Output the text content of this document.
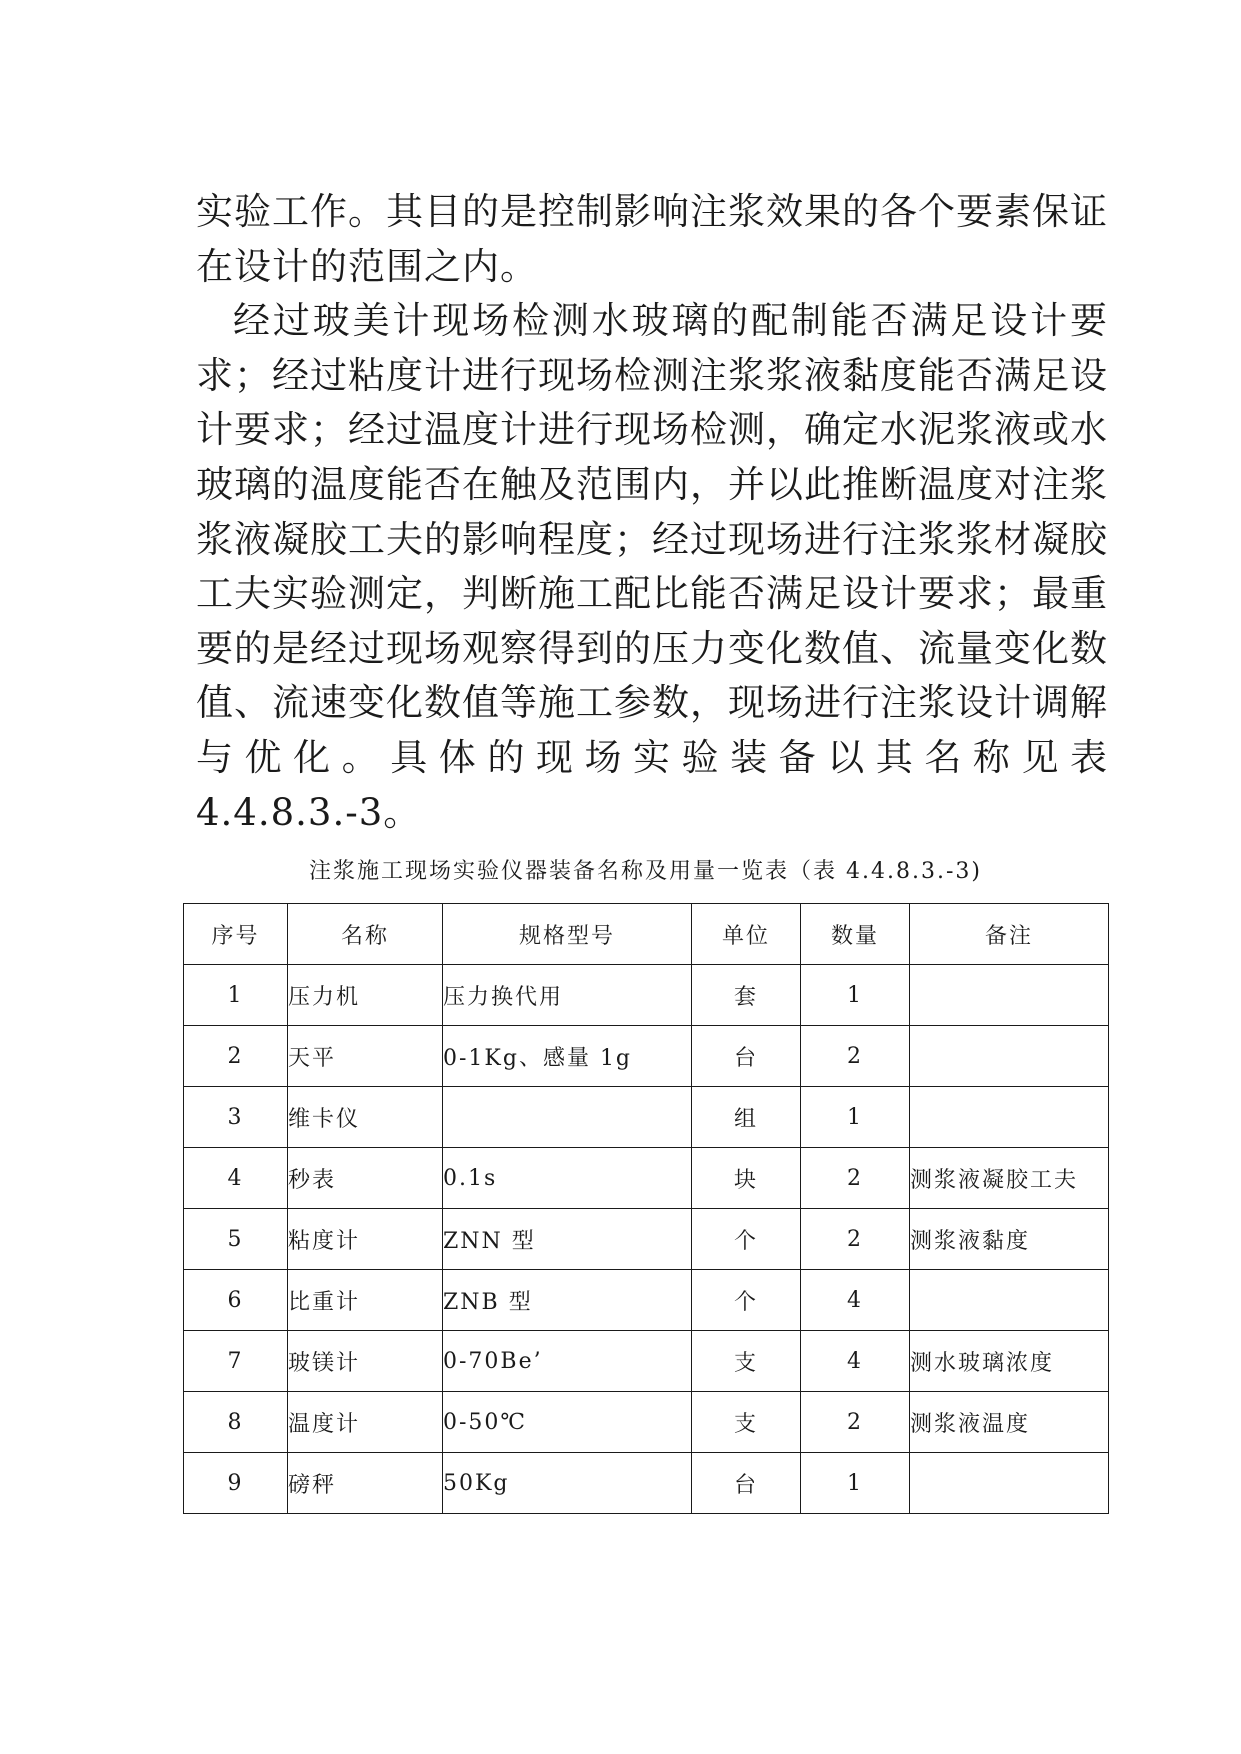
实验工作。其目的是控制影响注浆效果的各个要素保证在设计的范围之内。

经过玻美计现场检测水玻璃的配制能否满足设计要求；经过粘度计进行现场检测注浆浆液黏度能否满足设计要求；经过温度计进行现场检测，确定水泥浆液或水玻璃的温度能否在触及范围内，并以此推断温度对注浆浆液凝胶工夫的影响程度；经过现场进行注浆浆材凝胶工夫实验测定，判断施工配比能否满足设计要求；最重要的是经过现场观察得到的压力变化数值、流量变化数值、流速变化数值等施工参数，现场进行注浆设计调解与优化。具体的现场实验装备以其名称见表 4.4.8.3.-3。

注浆施工现场实验仪器装备名称及用量一览表（表 4.4.8.3.-3)
序号	名称	规格型号	单位	数量	备注
1	压力机	压力换代用	套	1	
2	天平	0-1Kg、感量 1g	台	2	
3	维卡仪		组	1	
4	秒表	0.1s	块	2	测浆液凝胶工夫
5	粘度计	ZNN 型	个	2	测浆液黏度
6	比重计	ZNB 型	个	4	
7	玻镁计	0-70Be’	支	4	测水玻璃浓度
8	温度计	0-50℃	支	2	测浆液温度
9	磅秤	50Kg	台	1	
